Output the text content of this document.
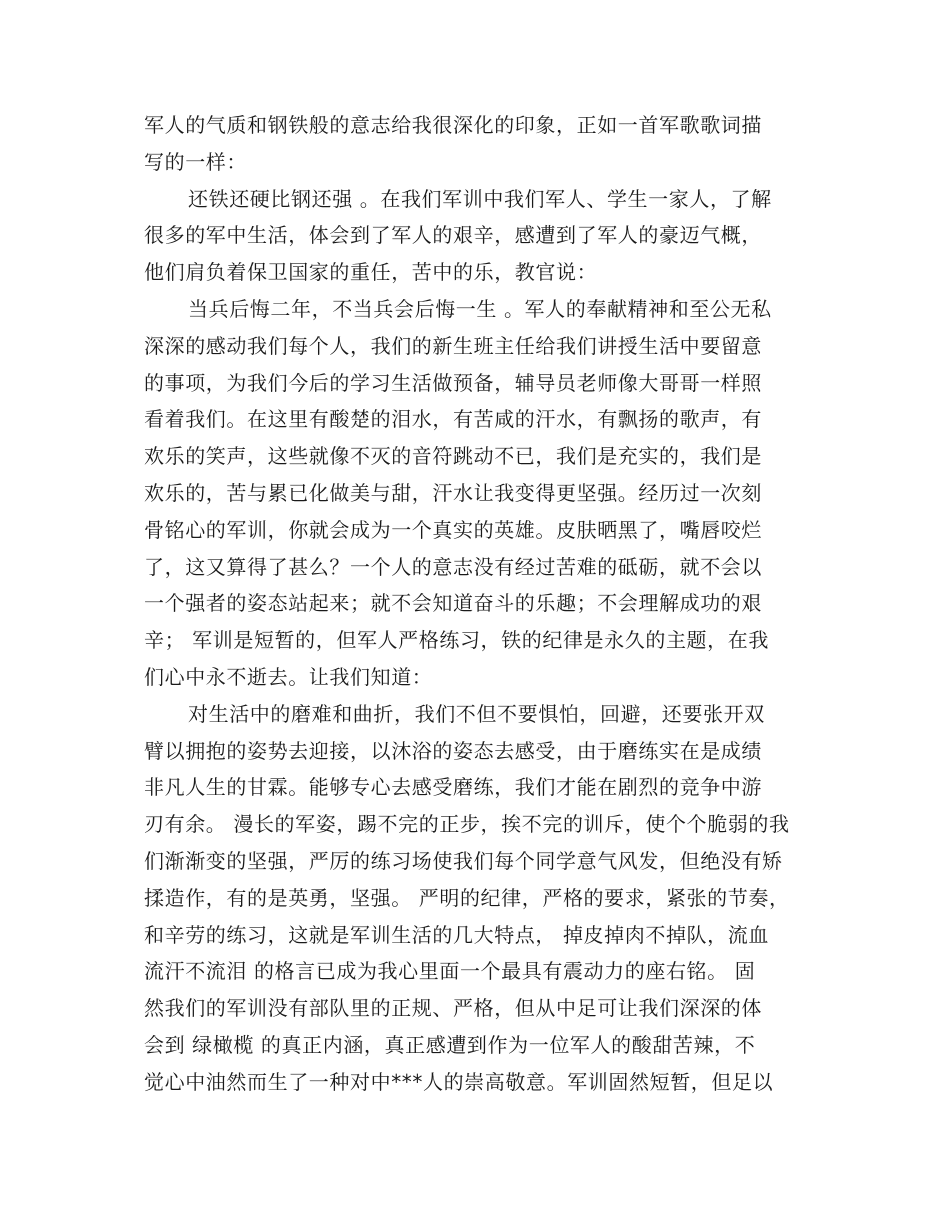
军人的气质和钢铁般的意志给我很深化的印象，正如一首军歌歌词描
写的一样：
还铁还硬比钢还强 。在我们军训中我们军人、学生一家人，了解
很多的军中生活，体会到了军人的艰辛，感遭到了军人的豪迈气概，
他们肩负着保卫国家的重任，苦中的乐，教官说：
当兵后悔二年，不当兵会后悔一生 。军人的奉献精神和至公无私
深深的感动我们每个人，我们的新生班主任给我们讲授生活中要留意
的事项，为我们今后的学习生活做预备，辅导员老师像大哥哥一样照
看着我们。在这里有酸楚的泪水，有苦咸的汗水，有飘扬的歌声，有
欢乐的笑声，这些就像不灭的音符跳动不已，我们是充实的，我们是
欢乐的，苦与累已化做美与甜，汗水让我变得更坚强。经历过一次刻
骨铭心的军训，你就会成为一个真实的英雄。皮肤晒黑了，嘴唇咬烂
了，这又算得了甚么？一个人的意志没有经过苦难的砥砺，就不会以
一个强者的姿态站起来；就不会知道奋斗的乐趣；不会理解成功的艰
辛； 军训是短暂的，但军人严格练习，铁的纪律是永久的主题，在我
们心中永不逝去。让我们知道：
对生活中的磨难和曲折，我们不但不要惧怕，回避，还要张开双
臂以拥抱的姿势去迎接，以沐浴的姿态去感受，由于磨练实在是成绩
非凡人生的甘霖。能够专心去感受磨练，我们才能在剧烈的竞争中游
刃有余。 漫长的军姿，踢不完的正步，挨不完的训斥，使个个脆弱的我
们渐渐变的坚强，严厉的练习场使我们每个同学意气风发，但绝没有矫
揉造作，有的是英勇，坚强。 严明的纪律，严格的要求，紧张的节奏，
和辛劳的练习，这就是军训生活的几大特点， 掉皮掉肉不掉队，流血
流汗不流泪 的格言已成为我心里面一个最具有震动力的座右铭。 固
然我们的军训没有部队里的正规、严格，但从中足可让我们深深的体
会到 绿橄榄 的真正内涵，真正感遭到作为一位军人的酸甜苦辣，不
觉心中油然而生了一种对中***人的崇高敬意。军训固然短暂，但足以
